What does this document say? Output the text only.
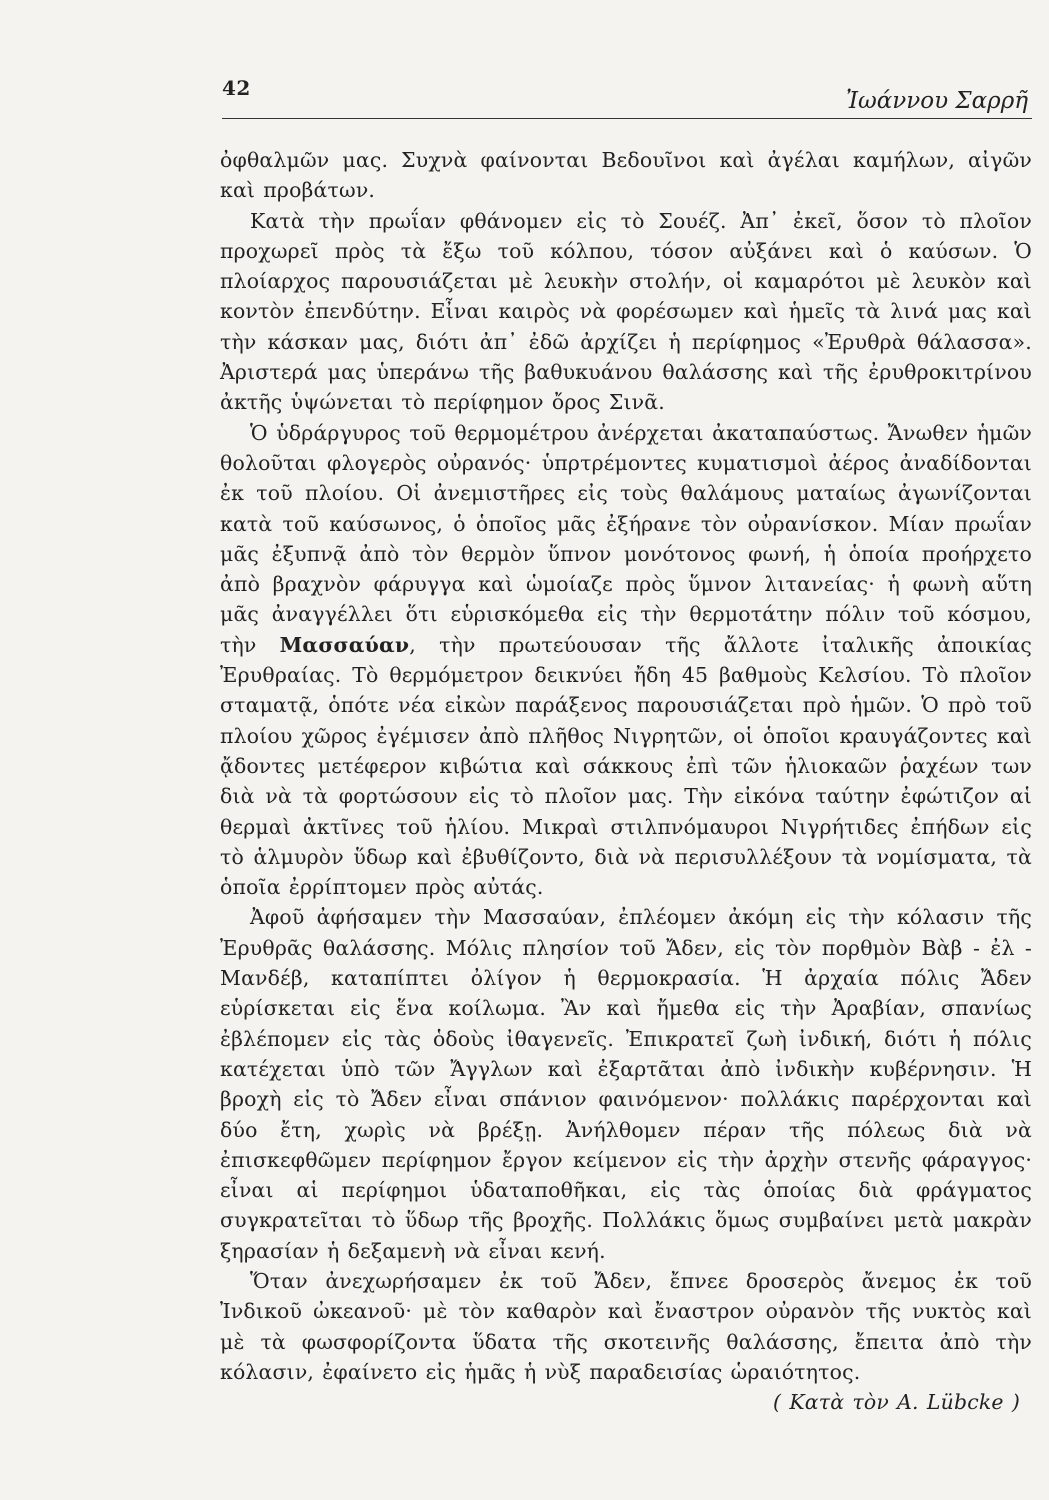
42	Ἰωάννου Σαρρῆ

ὀφθαλμῶν μας. Συχνὰ φαίνονται Βεδουῖνοι καὶ ἀγέλαι καμήλων, αἰγῶν καὶ προβάτων.

Κατὰ τὴν πρωΐαν φθάνομεν εἰς τὸ Σουέζ. Ἀπ᾽ ἐκεῖ, ὅσον τὸ πλοῖον προχωρεῖ πρὸς τὰ ἔξω τοῦ κόλπου, τόσον αὐξάνει καὶ ὁ καύσων. Ὁ πλοίαρχος παρουσιάζεται μὲ λευκὴν στολήν, οἱ καμαρότοι μὲ λευκὸν καὶ κοντὸν ἐπενδύτην. Εἶναι καιρὸς νὰ φορέσωμεν καὶ ἡμεῖς τὰ λινά μας καὶ τὴν κάσκαν μας, διότι ἀπ᾽ ἐδῶ ἀρχίζει ἡ περίφημος «Ἐρυθρὰ θάλασσα». Ἀριστερά μας ὑπεράνω τῆς βαθυκυάνου θαλάσσης καὶ τῆς ἐρυθροκιτρίνου ἀκτῆς ὑψώνεται τὸ περίφημον ὄρος Σινᾶ.

Ὁ ὑδράργυρος τοῦ θερμομέτρου ἀνέρχεται ἀκαταπαύστως. Ἄνωθεν ἡμῶν θολοῦται φλογερὸς οὐρανός· ὑπρτρέμοντες κυματισμοὶ ἀέρος ἀναδίδονται ἐκ τοῦ πλοίου. Οἱ ἀνεμιστῆρες εἰς τοὺς θαλάμους ματαίως ἀγωνίζονται κατὰ τοῦ καύσωνος, ὁ ὁποῖος μᾶς ἐξήρανε τὸν οὐρανίσκον. Μίαν πρωΐαν μᾶς ἐξυπνᾷ ἀπὸ τὸν θερμὸν ὕπνον μονότονος φωνή, ἡ ὁποία προήρχετο ἀπὸ βραχνὸν φάρυγγα καὶ ὡμοίαζε πρὸς ὕμνον λιτανείας· ἡ φωνὴ αὕτη μᾶς ἀναγγέλλει ὅτι εὑρισκόμεθα εἰς τὴν θερμοτάτην πόλιν τοῦ κόσμου, τὴν Μασσαύαν, τὴν πρωτεύουσαν τῆς ἄλλοτε ἰταλικῆς ἀποικίας Ἐρυθραίας. Τὸ θερμόμετρον δεικνύει ἤδη 45 βαθμοὺς Κελσίου. Τὸ πλοῖον σταματᾷ, ὁπότε νέα εἰκὼν παράξενος παρουσιάζεται πρὸ ἡμῶν. Ὁ πρὸ τοῦ πλοίου χῶρος ἐγέμισεν ἀπὸ πλῆθος Νιγρητῶν, οἱ ὁποῖοι κραυγάζοντες καὶ ᾄδοντες μετέφερον κιβώτια καὶ σάκκους ἐπὶ τῶν ἡλιοκαῶν ῥαχέων των διὰ νὰ τὰ φορτώσουν εἰς τὸ πλοῖον μας. Τὴν εἰκόνα ταύτην ἐφώτιζον αἱ θερμαὶ ἀκτῖνες τοῦ ἡλίου. Μικραὶ στιλπνόμαυροι Νιγρήτιδες ἐπήδων εἰς τὸ ἁλμυρὸν ὕδωρ καὶ ἐβυθίζοντο, διὰ νὰ περισυλλέξουν τὰ νομίσματα, τὰ ὁποῖα ἐρρίπτομεν πρὸς αὐτάς.

Ἀφοῦ ἀφήσαμεν τὴν Μασσαύαν, ἐπλέομεν ἀκόμη εἰς τὴν κόλασιν τῆς Ἐρυθρᾶς θαλάσσης. Μόλις πλησίον τοῦ Ἄδεν, εἰς τὸν πορθμὸν Βὰβ - ἐλ - Μανδέβ, καταπίπτει ὀλίγον ἡ θερμοκρασία. Ἡ ἀρχαία πόλις Ἄδεν εὑρίσκεται εἰς ἕνα κοίλωμα. Ἂν καὶ ἤμεθα εἰς τὴν Ἀραβίαν, σπανίως ἐβλέπομεν εἰς τὰς ὁδοὺς ἰθαγενεῖς. Ἐπικρατεῖ ζωὴ ἰνδική, διότι ἡ πόλις κατέχεται ὑπὸ τῶν Ἄγγλων καὶ ἐξαρτᾶται ἀπὸ ἰνδικὴν κυβέρνησιν. Ἡ βροχὴ εἰς τὸ Ἄδεν εἶναι σπάνιον φαινόμενον· πολλάκις παρέρχονται καὶ δύο ἔτη, χωρὶς νὰ βρέξῃ. Ἀνήλθομεν πέραν τῆς πόλεως διὰ νὰ ἐπισκεφθῶμεν περίφημον ἔργον κείμενον εἰς τὴν ἀρχὴν στενῆς φάραγγος· εἶναι αἱ περίφημοι ὑδαταποθῆκαι, εἰς τὰς ὁποίας διὰ φράγματος συγκρατεῖται τὸ ὕδωρ τῆς βροχῆς. Πολλάκις ὅμως συμβαίνει μετὰ μακρὰν ξηρασίαν ἡ δεξαμενὴ νὰ εἶναι κενή.

Ὅταν ἀνεχωρήσαμεν ἐκ τοῦ Ἄδεν, ἔπνεε δροσερὸς ἄνεμος ἐκ τοῦ Ἰνδικοῦ ὠκεανοῦ· μὲ τὸν καθαρὸν καὶ ἔναστρον οὐρανὸν τῆς νυκτὸς καὶ μὲ τὰ φωσφορίζοντα ὕδατα τῆς σκοτεινῆς θαλάσσης, ἔπειτα ἀπὸ τὴν κόλασιν, ἐφαίνετο εἰς ἡμᾶς ἡ νὺξ παραδεισίας ὡραιότητος.

( Κατὰ τὸν A. Lübcke )
